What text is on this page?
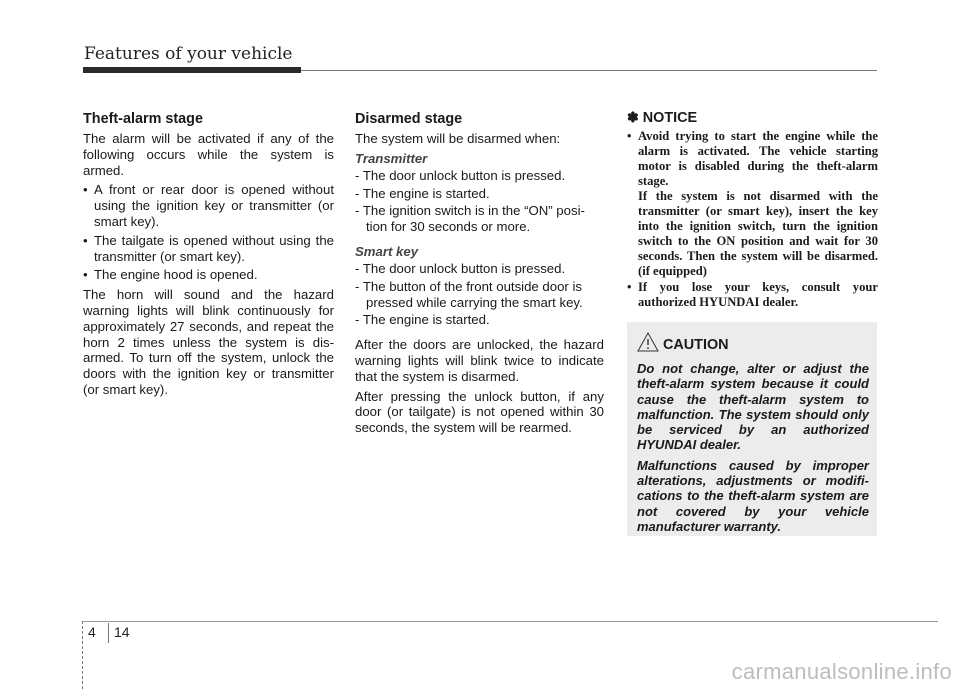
Features of your vehicle
Theft-alarm stage

The alarm will be activated if any of the following occurs while the system is armed.

• A front or rear door is opened without using the ignition key or transmitter (or smart key).
• The tailgate is opened without using the transmitter (or smart key).
• The engine hood is opened.

The horn will sound and the hazard warning lights will blink continuously for approximately 27 seconds, and repeat the horn 2 times unless the system is dis-armed. To turn off the system, unlock the doors with the ignition key or transmitter (or smart key).

Disarmed stage

The system will be disarmed when:

Transmitter
- The door unlock button is pressed.
- The engine is started.
- The ignition switch is in the “ON” posi-tion for 30 seconds or more.
Smart key
- The door unlock button is pressed.
- The button of the front outside door is pressed while carrying the smart key.
- The engine is started.

After the doors are unlocked, the hazard warning lights will blink twice to indicate that the system is disarmed.

After pressing the unlock button, if any door (or tailgate) is not opened within 30 seconds, the system will be rearmed.

✽ NOTICE
• Avoid trying to start the engine while the alarm is activated. The vehicle starting motor is disabled during the theft-alarm stage.
If the system is not disarmed with the transmitter (or smart key), insert the key into the ignition switch, turn the ignition switch to the ON position and wait for 30 seconds. Then the system will be disarmed. (if equipped)
• If you lose your keys, consult your authorized HYUNDAI dealer.
CAUTION

Do not change, alter or adjust the theft-alarm system because it could cause the theft-alarm system to malfunction. The system should only be serviced by an authorized HYUNDAI dealer.

Malfunctions caused by improper alterations, adjustments or modifi-cations to the theft-alarm system are not covered by your vehicle manufacturer warranty.

4 14
carmanualsonline.info
